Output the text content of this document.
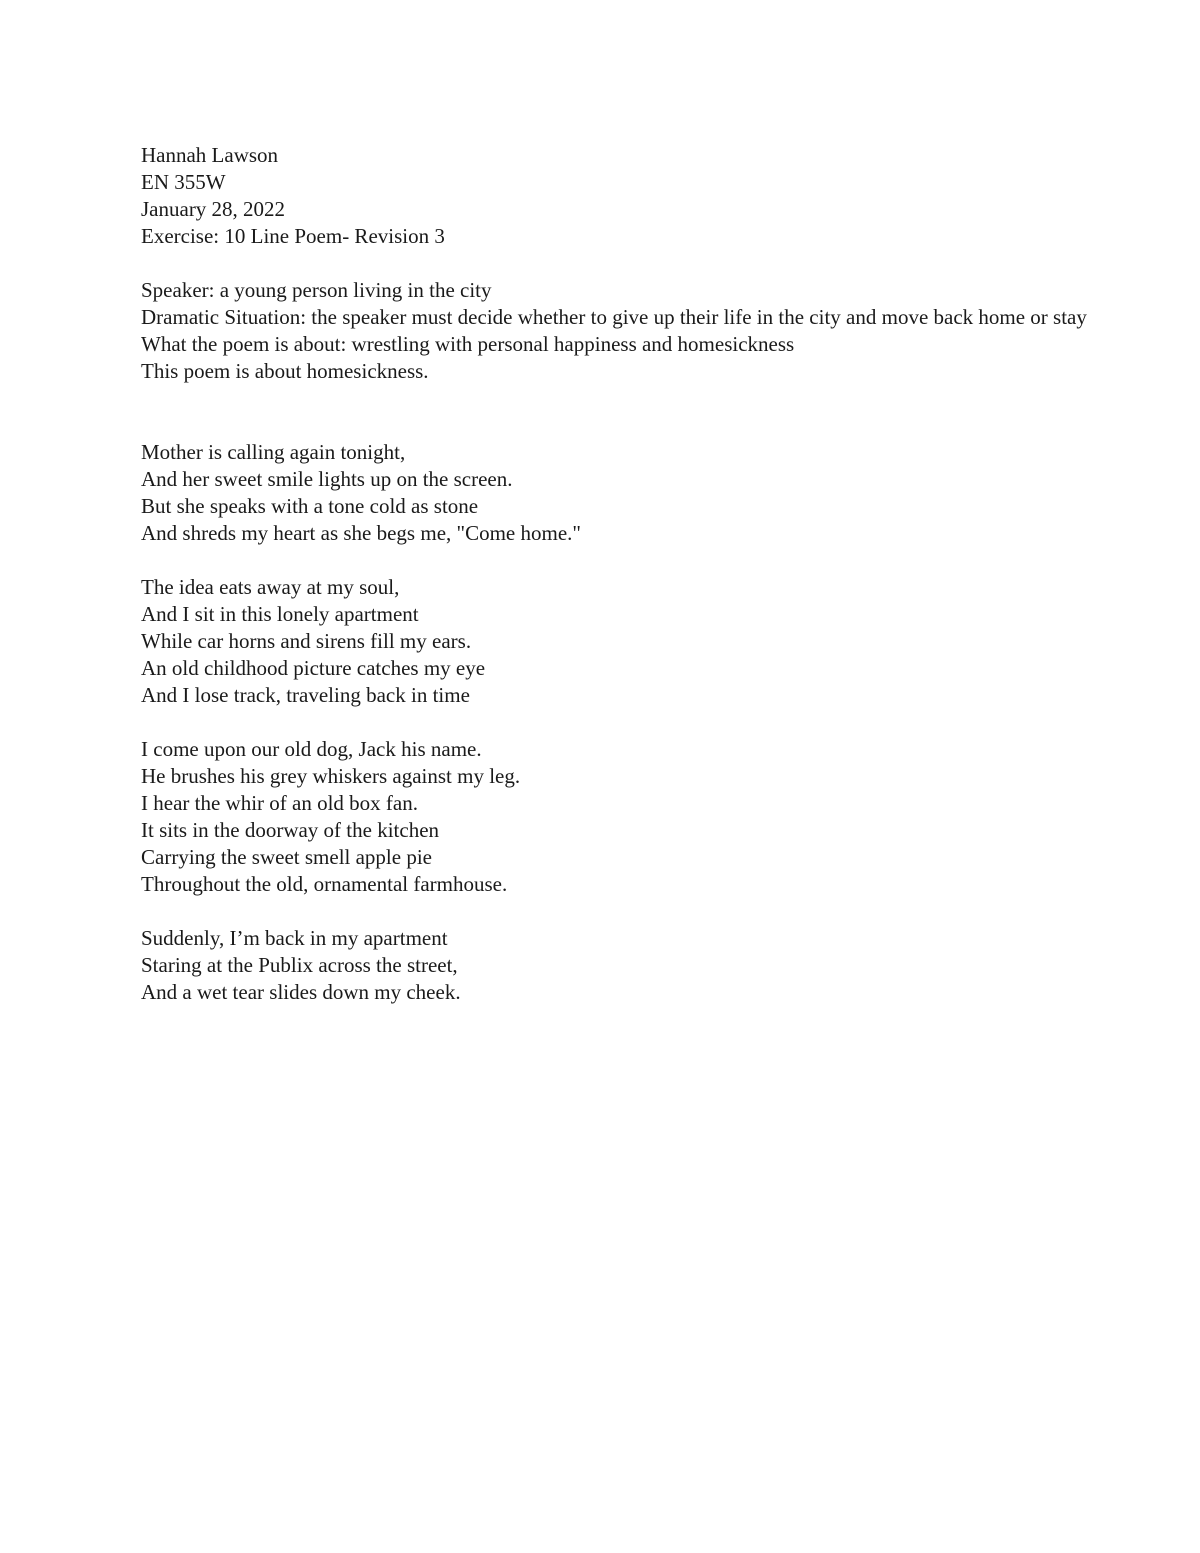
Hannah Lawson
EN 355W
January 28, 2022
Exercise: 10 Line Poem- Revision 3
Speaker: a young person living in the city
Dramatic Situation: the speaker must decide whether to give up their life in the city and move back home or stay
What the poem is about: wrestling with personal happiness and homesickness
This poem is about homesickness.
Mother is calling again tonight,
And her sweet smile lights up on the screen.
But she speaks with a tone cold as stone
And shreds my heart as she begs me, "Come home."
The idea eats away at my soul,
And I sit in this lonely apartment
While car horns and sirens fill my ears.
An old childhood picture catches my eye
And I lose track, traveling back in time
I come upon our old dog, Jack his name.
He brushes his grey whiskers against my leg.
I hear the whir of an old box fan.
It sits in the doorway of the kitchen
Carrying the sweet smell apple pie
Throughout the old, ornamental farmhouse.
Suddenly, I’m back in my apartment
Staring at the Publix across the street,
And a wet tear slides down my cheek.
